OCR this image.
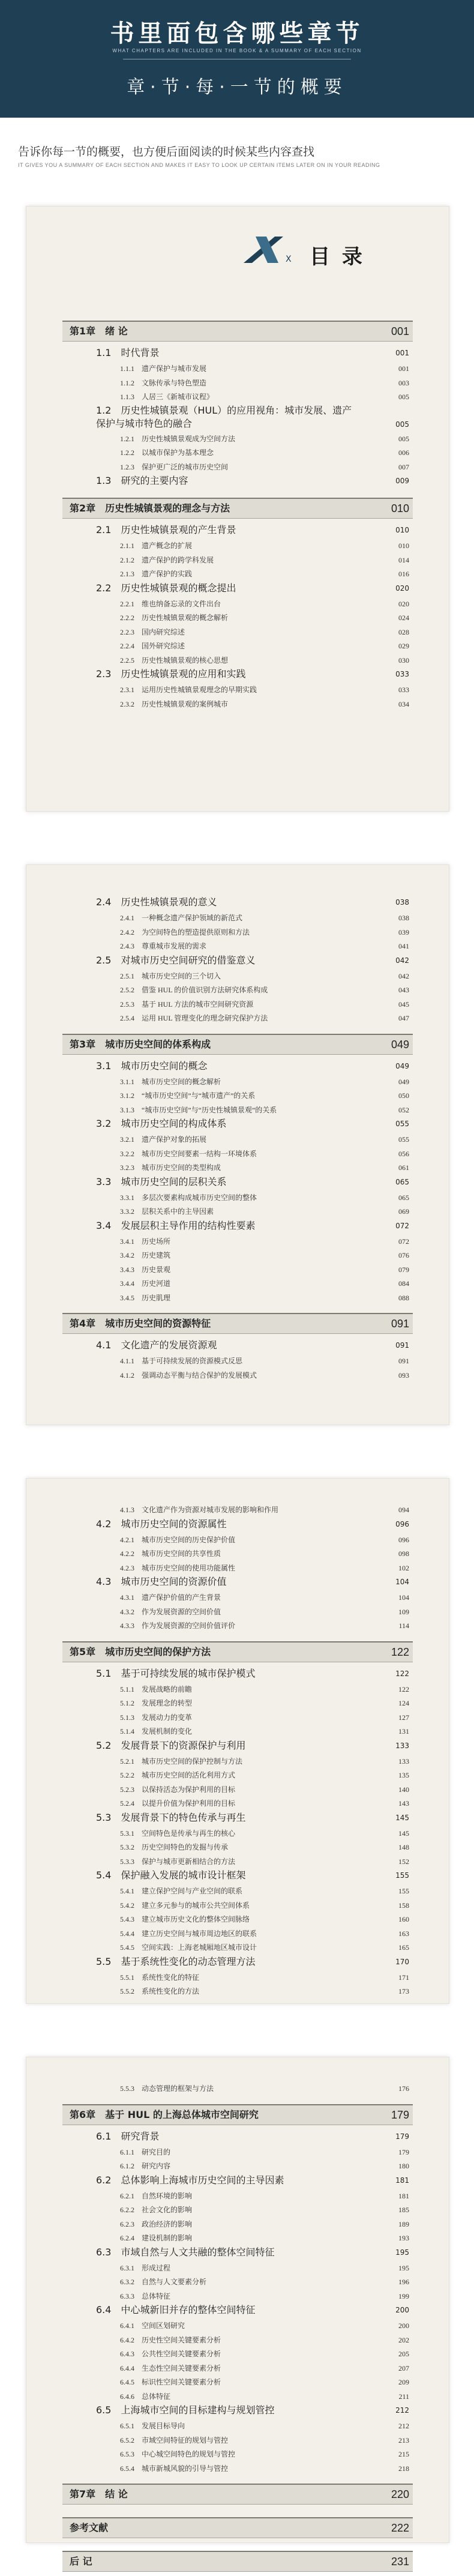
书里面包含哪些章节
WHAT CHAPTERS ARE INCLUDED IN THE BOOK & A SUMMARY OF EACH SECTION
章·节·每·一节的概要
告诉你每一节的概要，也方便后面阅读的时候某些内容查找
IT GIVES YOU A SUMMARY OF EACH SECTION AND MAKES IT EASY TO LOOK UP CERTAIN ITEMS LATER ON IN YOUR READING
X 目 录
第1章  绪 论	001
1.1  时代背景	001
1.1.1  遗产保护与城市发展	001
1.1.2  文脉传承与特色塑造	003
1.1.3  人居三《新城市议程》	005
1.2  历史性城镇景观（HUL）的应用视角：城市发展、遗产保护与城市特色的融合	005
1.2.1  历史性城镇景观成为空间方法	005
1.2.2  以城市保护为基本理念	006
1.2.3  保护更广泛的城市历史空间	007
1.3  研究的主要内容	009
第2章  历史性城镇景观的理念与方法	010
2.1  历史性城镇景观的产生背景	010
2.1.1  遗产概念的扩展	010
2.1.2  遗产保护的跨学科发展	014
2.1.3  遗产保护的实践	016
2.2  历史性城镇景观的概念提出	020
2.2.1  维也纳备忘录的文件出台	020
2.2.2  历史性城镇景观的概念解析	024
2.2.3  国内研究综述	028
2.2.4  国外研究综述	029
2.2.5  历史性城镇景观的核心思想	030
2.3  历史性城镇景观的应用和实践	033
2.3.1  运用历史性城镇景观理念的早期实践	033
2.3.2  历史性城镇景观的案例城市	034
2.4  历史性城镇景观的意义	038
2.4.1  一种概念遗产保护领域的新范式	038
2.4.2  为空间特色的塑造提供原则和方法	039
2.4.3  尊重城市发展的需求	041
2.5  对城市历史空间研究的借鉴意义	042
2.5.1  城市历史空间的三个切入	042
2.5.2  借鉴 HUL 的价值识别方法研究体系构成	043
2.5.3  基于 HUL 方法的城市空间研究资源	045
2.5.4  运用 HUL 管理变化的理念研究保护方法	047
第3章  城市历史空间的体系构成	049
3.1  城市历史空间的概念	049
3.1.1  城市历史空间的概念解析	049
3.1.2  “城市历史空间”与“城市遗产”的关系	050
3.1.3  “城市历史空间”与“历史性城镇景观”的关系	052
3.2  城市历史空间的构成体系	055
3.2.1  遗产保护对象的拓展	055
3.2.2  城市历史空间要素一结构一环境体系	056
3.2.3  城市历史空间的类型构成	061
3.3  城市历史空间的层积关系	065
3.3.1  多层次要素构成城市历史空间的整体	065
3.3.2  层积关系中的主导因素	069
3.4  发展层积主导作用的结构性要素	072
3.4.1  历史场所	072
3.4.2  历史建筑	076
3.4.3  历史景观	079
3.4.4  历史河道	084
3.4.5  历史肌理	088
第4章  城市历史空间的资源特征	091
4.1  文化遗产的发展资源观	091
4.1.1  基于可持续发展的资源模式反思	091
4.1.2  强调动态平衡与结合保护的发展模式	093
4.1.3  文化遗产作为资源对城市发展的影响和作用	094
4.2  城市历史空间的资源属性	096
4.2.1  城市历史空间的历史保护价值	096
4.2.2  城市历史空间的共享性质	098
4.2.3  城市历史空间的使用功能属性	102
4.3  城市历史空间的资源价值	104
4.3.1  遗产保护价值的产生背景	104
4.3.2  作为发展资源的空间价值	109
4.3.3  作为发展资源的空间价值评价	114
第5章  城市历史空间的保护方法	122
5.1  基于可持续发展的城市保护模式	122
5.1.1  发展战略的前瞻	122
5.1.2  发展理念的转型	124
5.1.3  发展动力的变革	127
5.1.4  发展机制的变化	131
5.2  发展背景下的资源保护与利用	133
5.2.1  城市历史空间的保护控制与方法	133
5.2.2  城市历史空间的活化利用方式	135
5.2.3  以保持活态为保护利用的目标	140
5.2.4  以提升价值为保护利用的目标	143
5.3  发展背景下的特色传承与再生	145
5.3.1  空间特色是传承与再生的核心	145
5.3.2  历史空间特色的发掘与传承	148
5.3.3  保护与城市更新相结合的方法	152
5.4  保护融入发展的城市设计框架	155
5.4.1  建立保护空间与产业空间的联系	155
5.4.2  建立多元参与的城市公共空间体系	158
5.4.3  建立城市历史文化的整体空间脉络	160
5.4.4  建立历史空间与城市周边地区的联系	163
5.4.5  空间实践：上海老城厢地区城市设计	165
5.5  基于系统性变化的动态管理方法	170
5.5.1  系统性变化的特征	171
5.5.2  系统性变化的方法	173
5.5.3  动态管理的框架与方法	176
第6章  基于 HUL 的上海总体城市空间研究	179
6.1  研究背景	179
6.1.1  研究目的	179
6.1.2  研究内容	180
6.2  总体影响上海城市历史空间的主导因素	181
6.2.1  自然环境的影响	181
6.2.2  社会文化的影响	185
6.2.3  政治经济的影响	189
6.2.4  建设机制的影响	193
6.3  市域自然与人文共融的整体空间特征	195
6.3.1  形成过程	195
6.3.2  自然与人文要素分析	196
6.3.3  总体特征	199
6.4  中心城新旧并存的整体空间特征	200
6.4.1  空间区划研究	200
6.4.2  历史性空间关键要素分析	202
6.4.3  公共性空间关键要素分析	205
6.4.4  生态性空间关键要素分析	207
6.4.5  标识性空间关键要素分析	209
6.4.6  总体特征	211
6.5  上海城市空间的目标建构与规划管控	212
6.5.1  发展目标导向	212
6.5.2  市域空间特征的规划与管控	213
6.5.3  中心城空间特色的规划与管控	215
6.5.4  城市新城风貌的引导与管控	218
第7章  结 论	220
参考文献	222
后 记	231
